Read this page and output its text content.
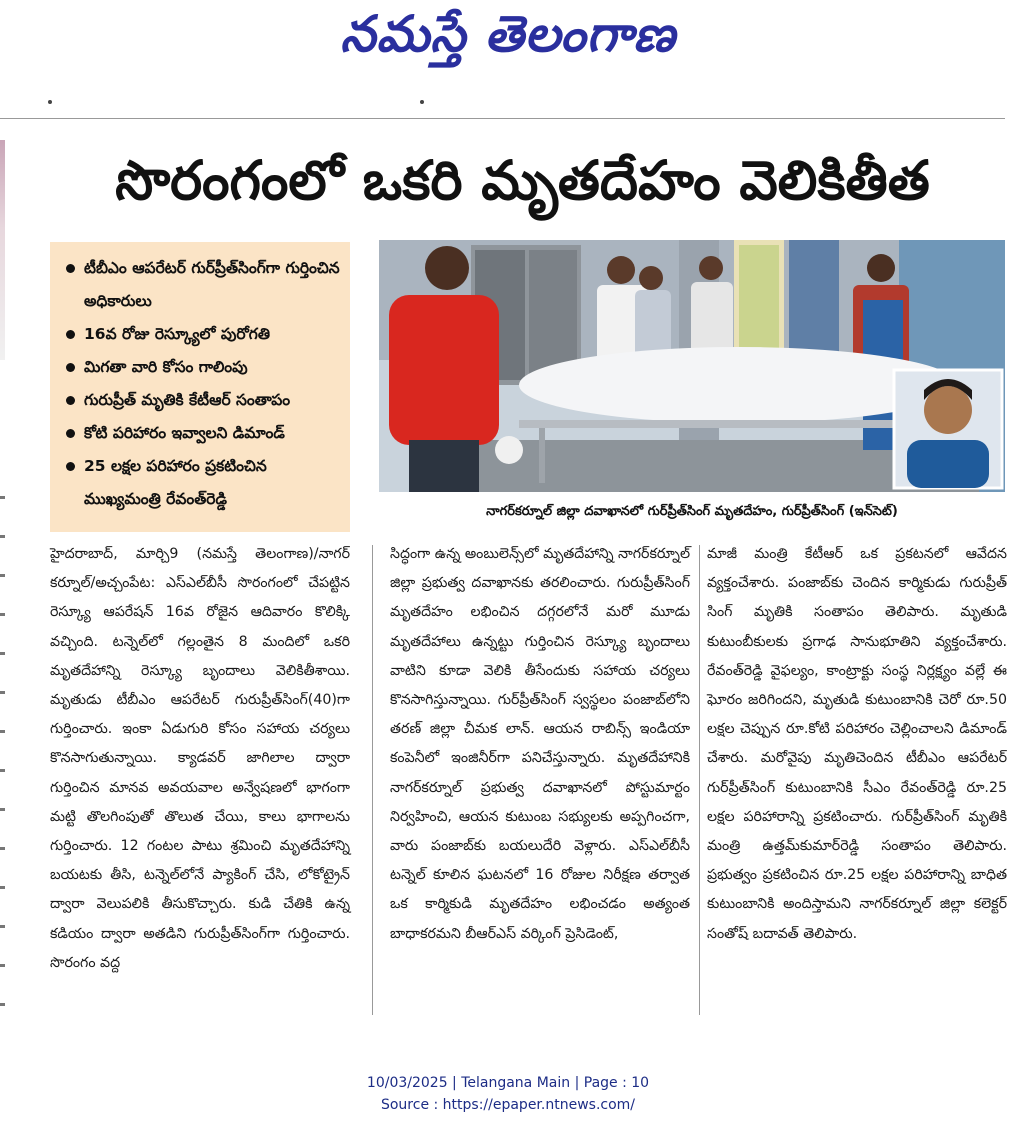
నమస్తే తెలంగాణ
సొరంగంలో ఒకరి మృతదేహం వెలికితీత
టీబీఎం ఆపరేటర్ గుర్‌ప్రీత్‌సింగ్‌గా గుర్తించిన అధికారులు
16వ రోజు రెస్క్యూలో పురోగతి
మిగతా వారి కోసం గాలింపు
గురుప్రీత్ మృతికి కేటీఆర్ సంతాపం
కోటి పరిహారం ఇవ్వాలని డిమాండ్
25 లక్షల పరిహారం ప్రకటించిన ముఖ్యమంత్రి రేవంత్‌రెడ్డి
నాగర్‌కర్నూల్ జిల్లా దవాఖానలో గుర్‌ప్రీత్‌సింగ్ మృతదేహం, గుర్‌ప్రీత్‌సింగ్ (ఇన్‌సెట్)

హైదరాబాద్, మార్చి9 (నమస్తే తెలంగాణ)/నాగర్ కర్నూల్/అచ్చంపేట: ఎస్‌ఎల్‌బీసీ సొరంగంలో చేపట్టిన రెస్క్యూ ఆపరేషన్ 16వ రోజైన ఆదివారం కొలిక్కి వచ్చింది. టన్నెల్‌లో గల్లంతైన 8 మందిలో ఒకరి మృతదేహాన్ని రెస్క్యూ బృందాలు వెలికితీశాయి. మృతుడు టీబీఎం ఆపరేటర్ గురుప్రీత్‌సింగ్(40)గా గుర్తించారు. ఇంకా ఏడుగురి కోసం సహాయ చర్యలు కొనసాగుతున్నాయి. క్యాడవర్ జాగిలాల ద్వారా గుర్తించిన మానవ అవయవాల అన్వేషణలో భాగంగా మట్టి తొలగింపుతో తొలుత చేయి, కాలు భాగాలను గుర్తించారు. 12 గంటల పాటు శ్రమించి మృతదేహాన్ని బయటకు తీసి, టన్నెల్‌లోనే ప్యాకింగ్ చేసి, లోకోట్రైన్ ద్వారా వెలుపలికి తీసుకొచ్చారు. కుడి చేతికి ఉన్న కడియం ద్వారా అతడిని గురుప్రీత్‌సింగ్‌గా గుర్తించారు. సొరంగం వద్ద

సిద్ధంగా ఉన్న అంబులెన్స్‌లో మృతదేహాన్ని నాగర్‌కర్నూల్ జిల్లా ప్రభుత్వ దవాఖానకు తరలించారు. గురుప్రీత్‌సింగ్ మృతదేహం లభించిన దగ్గరలోనే మరో మూడు మృతదేహాలు ఉన్నట్టు గుర్తించిన రెస్క్యూ బృందాలు వాటిని కూడా వెలికి తీసేందుకు సహాయ చర్యలు కొనసాగిస్తున్నాయి. గుర్‌ప్రీత్‌సింగ్ స్వస్థలం పంజాబ్‌లోని తరణ్ జిల్లా చీమక లాన్. ఆయన రాబిన్స్ ఇండియా కంపెనీలో ఇంజినీర్‌గా పనిచేస్తున్నారు. మృతదేహానికి నాగర్‌కర్నూల్ ప్రభుత్వ దవాఖానలో పోస్టుమార్టం నిర్వహించి, ఆయన కుటుంబ సభ్యులకు అప్పగించగా, వారు పంజాబ్‌కు బయలుదేరి వెళ్లారు. ఎస్‌ఎల్‌బీసీ టన్నెల్ కూలిన ఘటనలో 16 రోజుల నిరీక్షణ తర్వాత ఒక కార్మికుడి మృతదేహం లభించడం అత్యంత బాధాకరమని బీఆర్‌ఎస్ వర్కింగ్ ప్రెసిడెంట్,

మాజీ మంత్రి కేటీఆర్ ఒక ప్రకటనలో ఆవేదన వ్యక్తంచేశారు. పంజాబ్‌కు చెందిన కార్మికుడు గురుప్రీత్ సింగ్ మృతికి సంతాపం తెలిపారు. మృతుడి కుటుంబీకులకు ప్రగాఢ సానుభూతిని వ్యక్తంచేశారు. రేవంత్‌రెడ్డి వైఫల్యం, కాంట్రాక్టు సంస్థ నిర్లక్ష్యం వల్లే ఈ ఘోరం జరిగిందని, మృతుడి కుటుంబానికి చెరో రూ.50 లక్షల చెప్పున రూ.కోటి పరిహారం చెల్లించాలని డిమాండ్ చేశారు. మరోవైపు మృతిచెందిన టీబీఎం ఆపరేటర్ గుర్‌ప్రీత్‌సింగ్ కుటుంబానికి సీఎం రేవంత్‌రెడ్డి రూ.25 లక్షల పరిహారాన్ని ప్రకటించారు. గుర్‌ప్రీత్‌సింగ్ మృతికి మంత్రి ఉత్తమ్‌కుమార్‌రెడ్డి సంతాపం తెలిపారు. ప్రభుత్వం ప్రకటించిన రూ.25 లక్షల పరిహారాన్ని బాధిత కుటుంబానికి అందిస్తామని నాగర్‌కర్నూల్ జిల్లా కలెక్టర్ సంతోష్ బదావత్ తెలిపారు.

10/03/2025 | Telangana Main | Page : 10
Source : https://epaper.ntnews.com/
